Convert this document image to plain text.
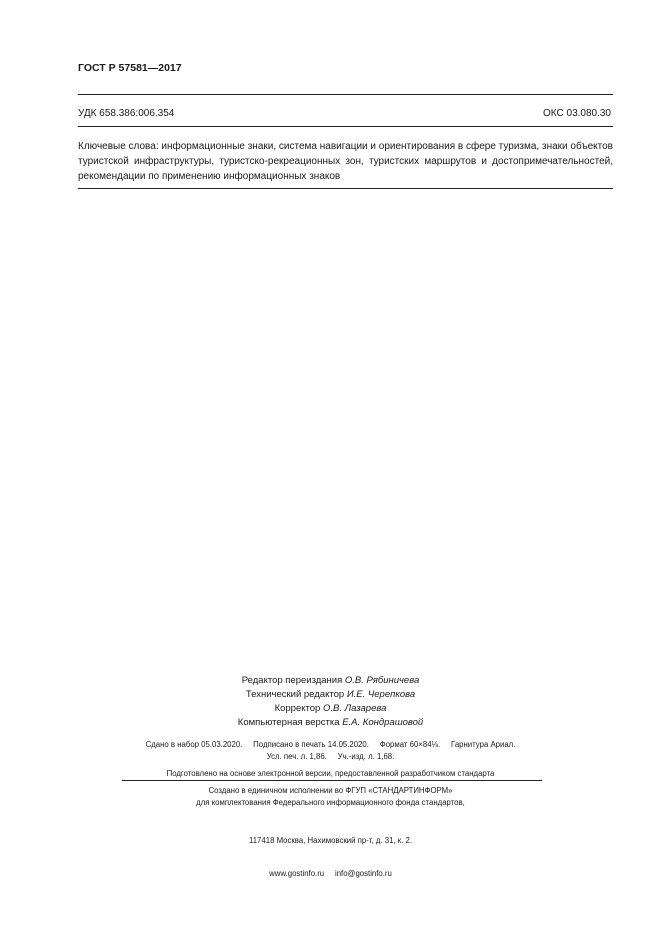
ГОСТ Р 57581—2017
УДК 658.386:006.354	ОКС 03.080.30
Ключевые слова: информационные знаки, система навигации и ориентирования в сфере туризма, знаки объектов туристской инфраструктуры, туристско-рекреационных зон, туристских маршрутов и достопримечательностей, рекомендации по применению информационных знаков
Редактор переиздания О.В. Рябиничева
Технический редактор И.Е. Черепкова
Корректор О.В. Лазарева
Компьютерная верстка Е.А. Кондрашовой
Сдано в набор 05.03.2020.     Подписано в печать 14.05.2020.     Формат 60×84⅛.     Гарнитура Ариал.
Усл. печ. л. 1,86.     Уч.-изд. л. 1,68.
Подготовлено на основе электронной версии, предоставленной разработчиком стандарта
Создано в единичном исполнении во ФГУП «СТАНДАРТИНФОРМ»
для комплектования Федерального информационного фонда стандартов,

117418 Москва, Нахимовский пр-т, д. 31, к. 2.

www.gostinfo.ru     info@gostinfo.ru
